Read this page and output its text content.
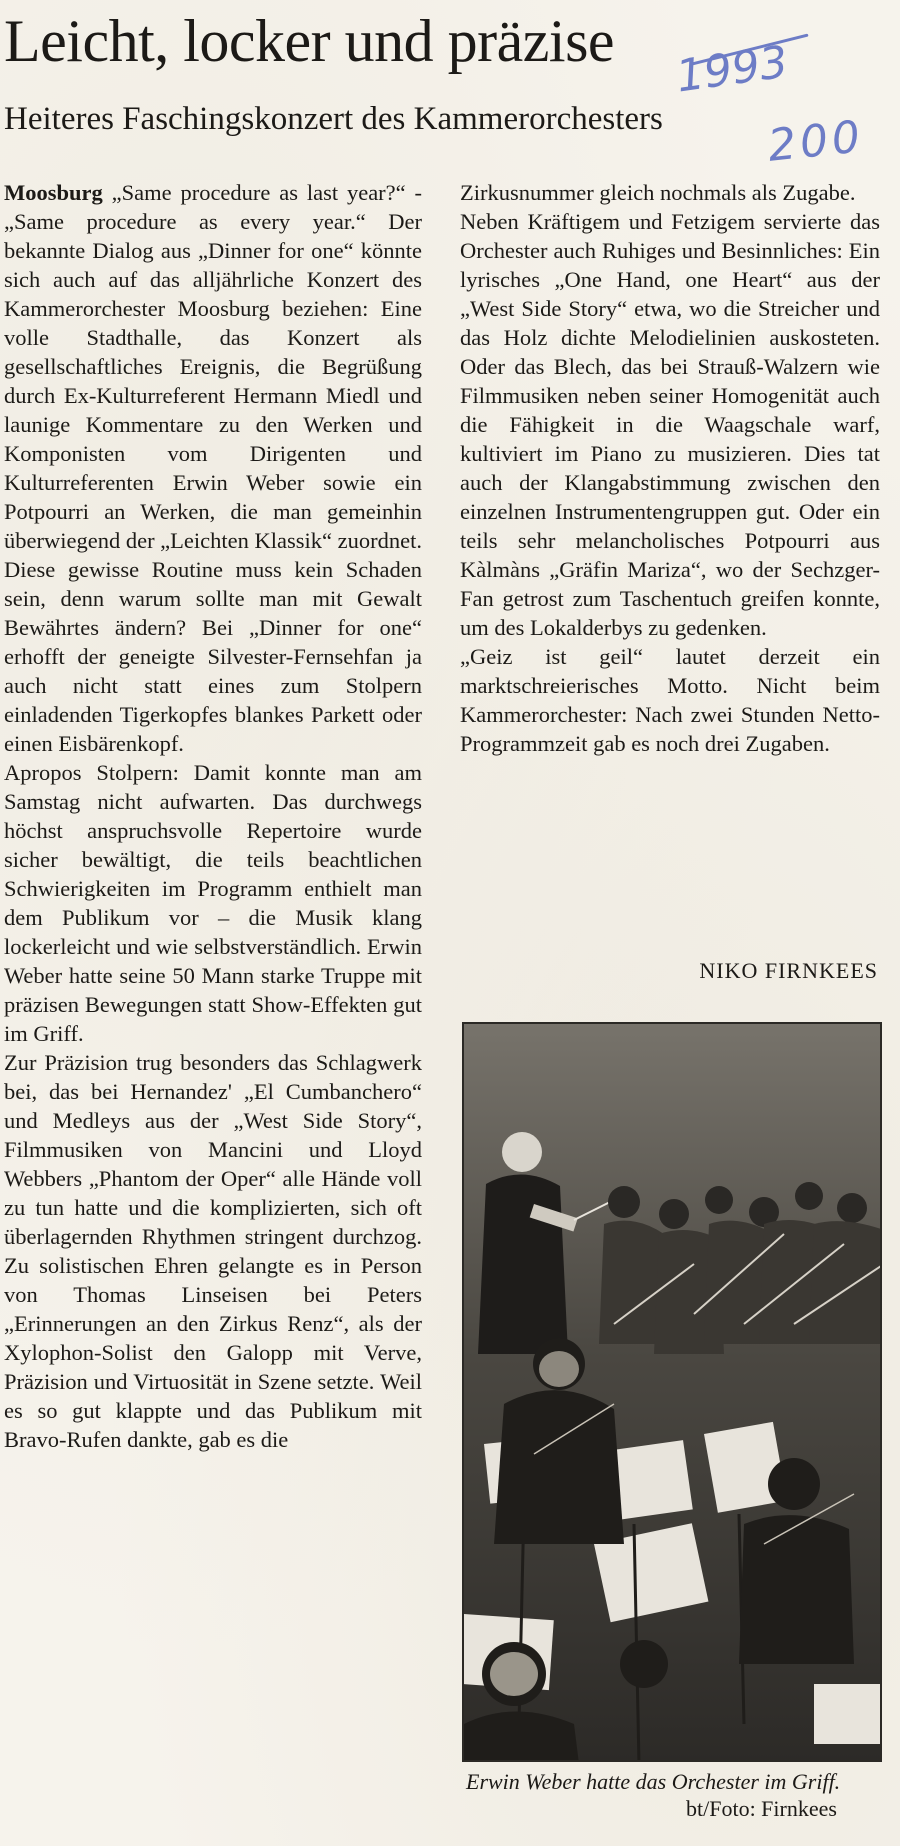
Leicht, locker und präzise
Heiteres Faschingskonzert des Kammerorchesters
1993
200
Moosburg „Same procedure as last year?“ - „Same procedure as every year.“ Der bekannte Dialog aus „Dinner for one“ könnte sich auch auf das alljährliche Konzert des Kammerorchester Moosburg beziehen: Eine volle Stadthalle, das Konzert als gesellschaftliches Ereignis, die Begrüßung durch Ex-Kulturreferent Hermann Miedl und launige Kommentare zu den Werken und Komponisten vom Dirigenten und Kulturreferenten Erwin Weber sowie ein Potpourri an Werken, die man gemeinhin überwiegend der „Leichten Klassik“ zuordnet.
Diese gewisse Routine muss kein Schaden sein, denn warum sollte man mit Gewalt Bewährtes ändern? Bei „Dinner for one“ erhofft der geneigte Silvester-Fernsehfan ja auch nicht statt eines zum Stolpern einladenden Tigerkopfes blankes Parkett oder einen Eisbärenkopf.
Apropos Stolpern: Damit konnte man am Samstag nicht aufwarten. Das durchwegs höchst anspruchsvolle Repertoire wurde sicher bewältigt, die teils beachtlichen Schwierigkeiten im Programm enthielt man dem Publikum vor – die Musik klang lockerleicht und wie selbstverständlich. Erwin Weber hatte seine 50 Mann starke Truppe mit präzisen Bewegungen statt Show-Effekten gut im Griff.
Zur Präzision trug besonders das Schlagwerk bei, das bei Hernandez' „El Cumbanchero“ und Medleys aus der „West Side Story“, Filmmusiken von Mancini und Lloyd Webbers „Phantom der Oper“ alle Hände voll zu tun hatte und die komplizierten, sich oft überlagernden Rhythmen stringent durchzog. Zu solistischen Ehren gelangte es in Person von Thomas Linseisen bei Peters „Erinnerungen an den Zirkus Renz“, als der Xylophon-Solist den Galopp mit Verve, Präzision und Virtuosität in Szene setzte. Weil es so gut klappte und das Publikum mit Bravo-Rufen dankte, gab es die
Zirkusnummer gleich nochmals als Zugabe.
Neben Kräftigem und Fetzigem servierte das Orchester auch Ruhiges und Besinnliches: Ein lyrisches „One Hand, one Heart“ aus der „West Side Story“ etwa, wo die Streicher und das Holz dichte Melodielinien auskosteten. Oder das Blech, das bei Strauß-Walzern wie Filmmusiken neben seiner Homogenität auch die Fähigkeit in die Waagschale warf, kultiviert im Piano zu musizieren. Dies tat auch der Klangabstimmung zwischen den einzelnen Instrumentengruppen gut. Oder ein teils sehr melancholisches Potpourri aus Kàlmàns „Gräfin Mariza“, wo der Sechzger-Fan getrost zum Taschentuch greifen konnte, um des Lokalderbys zu gedenken.
„Geiz ist geil“ lautet derzeit ein marktschreierisches Motto. Nicht beim Kammerorchester: Nach zwei Stunden Netto-Programmzeit gab es noch drei Zugaben.
NIKO FIRNKEES
Erwin Weber hatte das Orchester im Griff.
bt/Foto: Firnkees
